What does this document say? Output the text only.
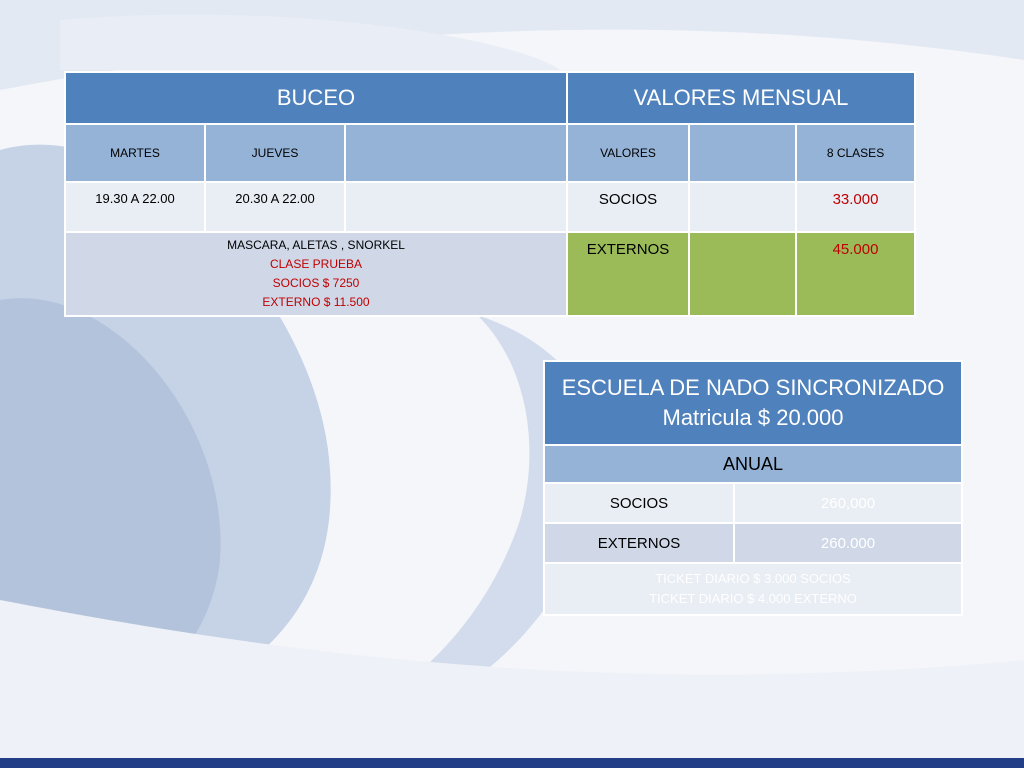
BUCEO			VALORES MENSUAL		
MARTES	JUEVES		VALORES		8 CLASES
19.30 A 22.00	20.30 A 22.00		SOCIOS		33.000

MASCARA, ALETAS , SNORKEL
CLASE PRUEBA
SOCIOS $ 7250
EXTERNO $ 11.500			EXTERNOS		45.000
ESCUELA DE NADO SINCRONIZADO
Matricula $ 20.000	

ANUAL	
SOCIOS	260,000
EXTERNOS	260.000

TICKET DIARIO $ 3.000 SOCIOS
TICKET DIARIO $ 4.000 EXTERNO	
